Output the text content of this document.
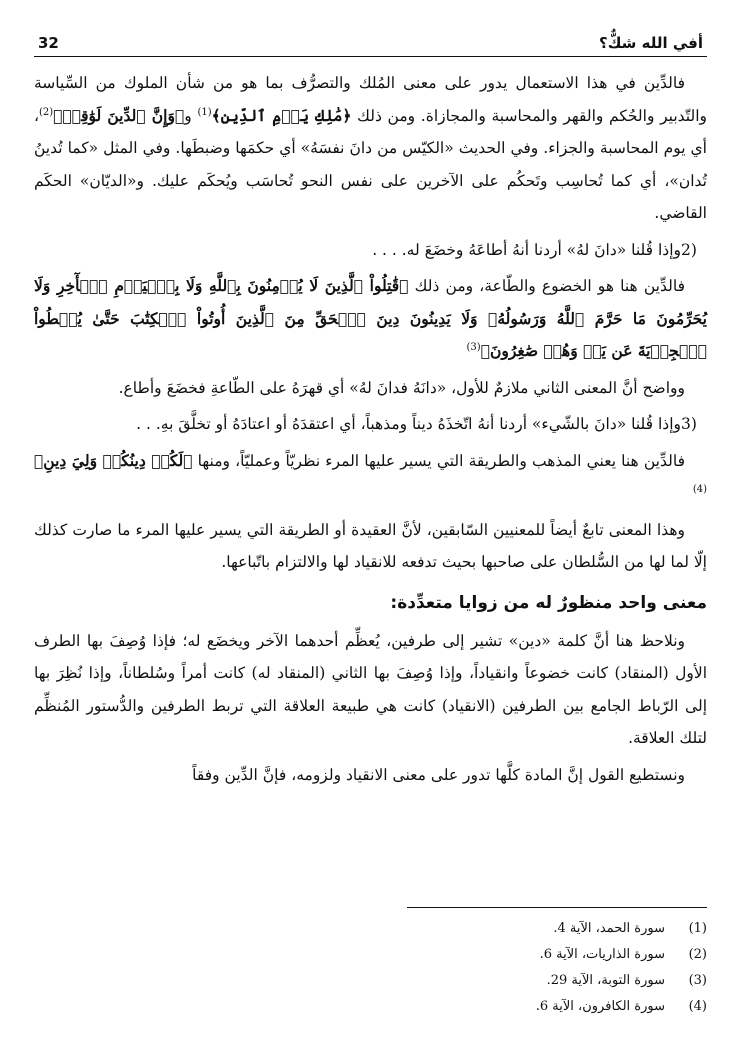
أفي الله شكٌّ؟
32

فالدِّين في هذا الاستعمال يدور على معنى المُلك والتصرُّف بما هو من شأن الملوك من السِّياسة والتّدبير والحُكم والقهر والمحاسبة والمجازاة. ومن ذلك ﴿مَٰلِكِ يَوۡمِ ٱلدِّينِ﴾$^{(1)}$ و﴿وَإِنَّ ٱلدِّينَ لَوَٰقِعٞ﴾$^{(2)}$، أي يوم المحاسبة والجزاء. وفي الحديث «الكيّس من دانَ نفسَهُ» أي حكمَها وضبطَها. وفي المثل «كما تُدينُ تُدان»، أي كما تُحاسِب وتَحكُم على الآخرين على نفس النحو تُحاسَب ويُحكَم عليك. و«الديّان» الحكَم القاضي.

2)
وإذا قُلنا «دانَ لهُ» أردنا أنهُ أطاعَهُ وخضَعَ له. . . .

فالدِّين هنا هو الخضوع والطّاعة، ومن ذلك ﴿قَٰتِلُواْ ٱلَّذِينَ لَا يُؤۡمِنُونَ بِٱللَّهِ وَلَا بِٱلۡيَوۡمِ ٱلۡأٓخِرِ وَلَا يُحَرِّمُونَ مَا حَرَّمَ ٱللَّهُ وَرَسُولُهُۥ وَلَا يَدِينُونَ دِينَ ٱلۡحَقِّ مِنَ ٱلَّذِينَ أُوتُواْ ٱلۡكِتَٰبَ حَتَّىٰ يُعۡطُواْ ٱلۡجِزۡيَةَ عَن يَدٖ وَهُمۡ صَٰغِرُونَ﴾$^{(3)}$

وواضح أنَّ المعنى الثاني ملازمٌ للأول، «دانَهُ فدانَ لهُ» أي قهرَهُ على الطّاعةِ فخضَعَ وأطاع.

3)
وإذا قُلنا «دانَ بالشّيء» أردنا أنهُ اتّخذَهُ ديناً ومذهباً، أي اعتقدَهُ أو اعتادَهُ أو تخلَّقَ بهِ. . .

فالدِّين هنا يعني المذهب والطريقة التي يسير عليها المرء نظريّاً وعمليّاً، ومنها ﴿لَكُمۡ دِينُكُمۡ وَلِيَ دِينِ﴾$^{(4)}$

وهذا المعنى تابعٌ أيضاً للمعنيين السّابقين، لأنَّ العقيدة أو الطريقة التي يسير عليها المرء ما صارت كذلك إلّا لما لها من السُّلطان على صاحبها بحيث تدفعه للانقياد لها والالتزام باتّباعها.

معنى واحد منظورٌ له من زوايا متعدِّدة:

ونلاحظ هنا أنَّ كلمة «دين» تشير إلى طرفين، يُعظِّم أحدهما الآخر ويخضَع له؛ فإذا وُصِفَ بها الطرف الأول (المنقاد) كانت خضوعاً وانقياداً، وإذا وُصِفَ بها الثاني (المنقاد له) كانت أمراً وسُلطاناً، وإذا نُظِرَ بها إلى الرّباط الجامع بين الطرفين (الانقياد) كانت هي طبيعة العلاقة التي تربط الطرفين والدُّستور المُنظِّم لتلك العلاقة.

ونستطيع القول إنَّ المادة كلَّها تدور على معنى الانقياد ولزومه، فإنَّ الدِّين وفقاً

(1)
سورة الحمد، الآية 4.
(2)
سورة الذاريات، الآية 6.
(3)
سورة التوبة، الآية 29.
(4)
سورة الكافرون، الآية 6.
